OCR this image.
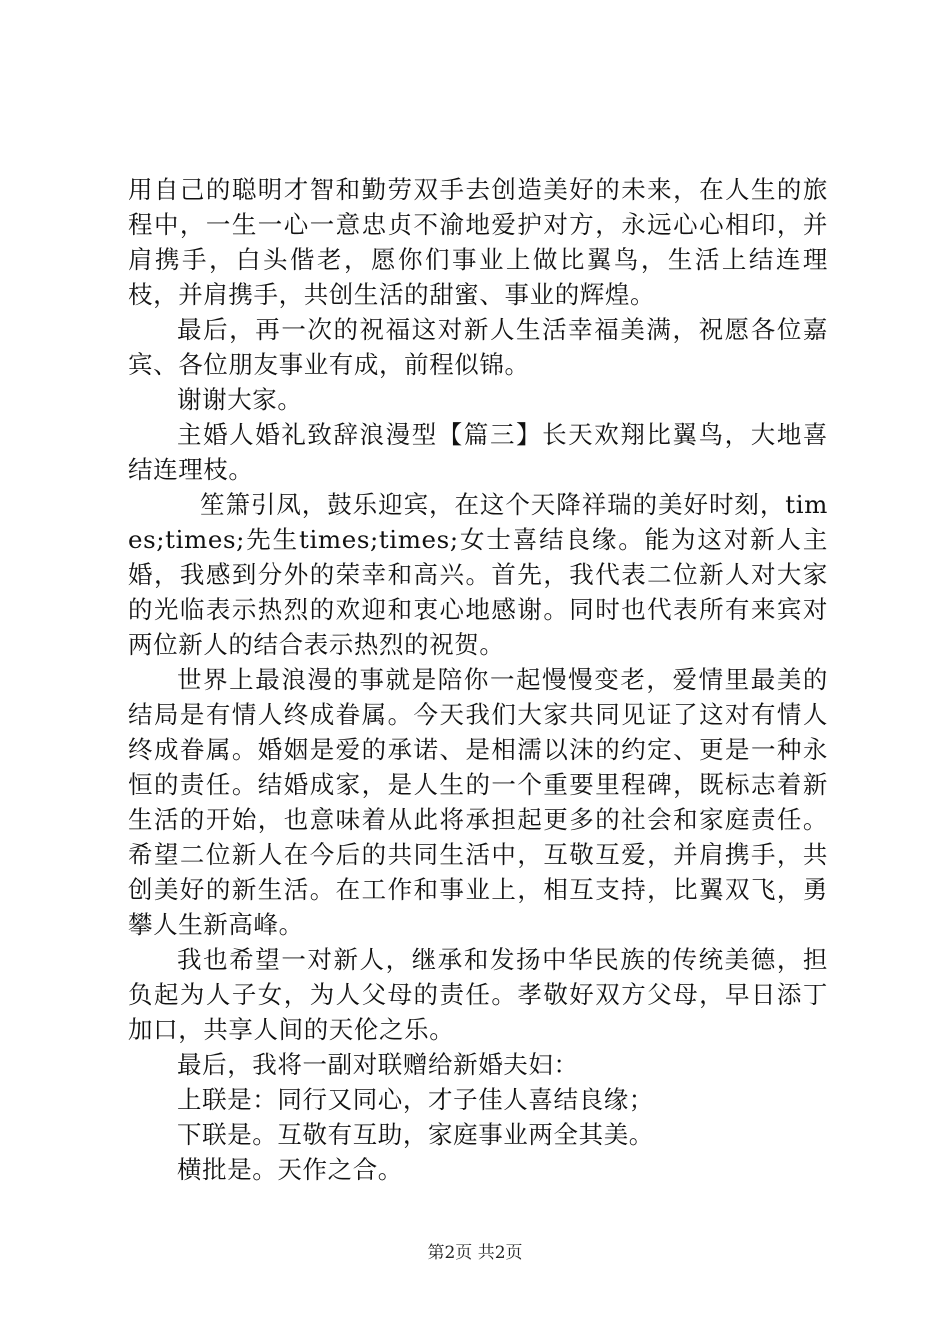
用自己的聪明才智和勤劳双手去创造美好的未来，在人生的旅程中，一生一心一意忠贞不渝地爱护对方，永远心心相印，并肩携手，白头偕老，愿你们事业上做比翼鸟，生活上结连理枝，并肩携手，共创生活的甜蜜、事业的辉煌。

最后，再一次的祝福这对新人生活幸福美满，祝愿各位嘉宾、各位朋友事业有成，前程似锦。

谢谢大家。

主婚人婚礼致辞浪漫型【篇三】长天欢翔比翼鸟，大地喜结连理枝。

笙箫引凤，鼓乐迎宾，在这个天降祥瑞的美好时刻，times;times;先生times;times;女士喜结良缘。能为这对新人主婚，我感到分外的荣幸和高兴。首先，我代表二位新人对大家的光临表示热烈的欢迎和衷心地感谢。同时也代表所有来宾对两位新人的结合表示热烈的祝贺。

世界上最浪漫的事就是陪你一起慢慢变老，爱情里最美的结局是有情人终成眷属。今天我们大家共同见证了这对有情人终成眷属。婚姻是爱的承诺、是相濡以沫的约定、更是一种永恒的责任。结婚成家，是人生的一个重要里程碑，既标志着新生活的开始，也意味着从此将承担起更多的社会和家庭责任。希望二位新人在今后的共同生活中，互敬互爱，并肩携手，共创美好的新生活。在工作和事业上，相互支持，比翼双飞，勇攀人生新高峰。

我也希望一对新人，继承和发扬中华民族的传统美德，担负起为人子女，为人父母的责任。孝敬好双方父母，早日添丁加口，共享人间的天伦之乐。

最后，我将一副对联赠给新婚夫妇：

上联是：同行又同心，才子佳人喜结良缘；

下联是。互敬有互助，家庭事业两全其美。

横批是。天作之合。

第2页 共2页
